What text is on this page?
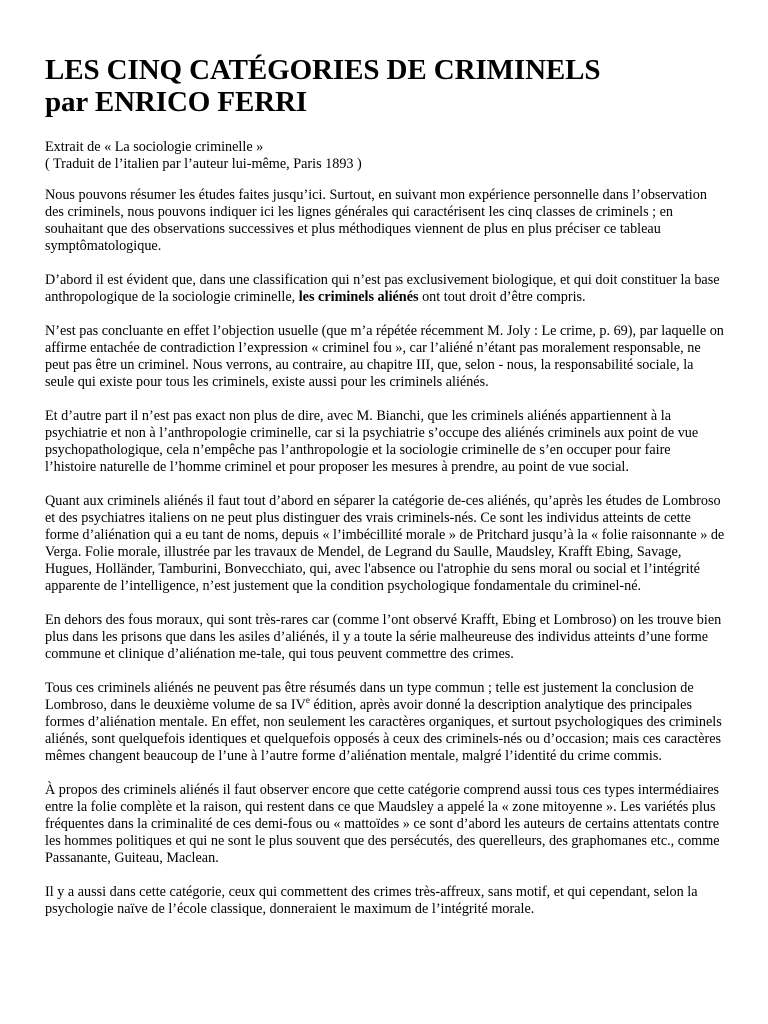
LES CINQ CATÉGORIES DE CRIMINELS
par ENRICO FERRI

Extrait de « La sociologie criminelle »
( Traduit de l’italien par l’auteur lui-même, Paris 1893 )

Nous pouvons résumer les études faites jusqu’ici. Surtout, en suivant mon expérience personnelle dans l’observation des criminels, nous pouvons indiquer ici les lignes générales qui caractérisent les cinq classes de criminels ; en souhaitant que des observations successives et plus méthodiques viennent de plus en plus préciser ce tableau symptômatologique.

D’abord il est évident que, dans une classification qui n’est pas exclusivement biologique, et qui doit constituer la base anthropologique de la sociologie criminelle, les criminels aliénés ont tout droit d’être compris.

N’est pas concluante en effet l’objection usuelle (que m’a répétée récemment M. Joly : Le crime, p. 69), par laquelle on affirme entachée de contradiction l’expression « criminel fou », car l’aliéné n’étant pas moralement responsable, ne peut pas être un criminel. Nous verrons, au contraire, au chapitre III, que, selon - nous, la responsabilité sociale, la seule qui existe pour tous les criminels, existe aussi pour les criminels aliénés.

Et d’autre part il n’est pas exact non plus de dire, avec M. Bianchi, que les criminels aliénés appartiennent à la psychiatrie et non à l’anthropologie criminelle, car si la psychiatrie s’occupe des aliénés criminels aux point de vue psychopathologique, cela n’empêche pas l’anthropologie et la sociologie criminelle de s’en occuper pour faire l’histoire naturelle de l’homme criminel et pour proposer les mesures à prendre, au point de vue social.

Quant aux criminels aliénés il faut tout d’abord en séparer la catégorie de-ces aliénés, qu’après les études de Lombroso et des psychiatres italiens on ne peut plus distinguer des vrais criminels-nés. Ce sont les individus atteints de cette forme d’aliénation qui a eu tant de noms, depuis « l’imbécillité morale » de Pritchard jusqu’à la « folie raisonnante » de Verga. Folie morale, illustrée par les travaux de Mendel, de Legrand du Saulle, Maudsley, Krafft Ebing, Savage, Hugues, Holländer, Tamburini, Bonvecchiato, qui, avec l'absence ou l'atrophie du sens moral ou social et l’intégrité apparente de l’intelligence, n’est justement que la condition psychologique fondamentale du criminel-né.

En dehors des fous moraux, qui sont très-rares car (comme l’ont observé Krafft, Ebing et Lombroso) on les trouve bien plus dans les prisons que dans les asiles d’aliénés, il y a toute la série malheureuse des individus atteints d’une forme commune et clinique d’aliénation me-tale, qui tous peuvent commettre des crimes.

Tous ces criminels aliénés ne peuvent pas être résumés dans un type commun ; telle est justement la conclusion de Lombroso, dans le deuxième volume de sa IVe édition, après avoir donné la description analytique des principales formes d’aliénation mentale. En effet, non seulement les caractères organiques, et surtout psychologiques des criminels aliénés, sont quelquefois identiques et quelquefois opposés à ceux des criminels-nés ou d’occasion; mais ces caractères mêmes changent beaucoup de l’une à l’autre forme d’aliénation mentale, malgré l’identité du crime commis.

À propos des criminels aliénés il faut observer encore que cette catégorie comprend aussi tous ces types intermédiaires entre la folie complète et la raison, qui restent dans ce que Maudsley a appelé la « zone mitoyenne ». Les variétés plus fréquentes dans la criminalité de ces demi-fous ou « mattoïdes » ce sont d’abord les auteurs de certains attentats contre les hommes politiques et qui ne sont le plus souvent que des persécutés, des querelleurs, des graphomanes etc., comme Passanante, Guiteau, Maclean.

Il y a aussi dans cette catégorie, ceux qui commettent des crimes très-affreux, sans motif, et qui cependant, selon la psychologie naïve de l’école classique, donneraient le maximum de l’intégrité morale.
